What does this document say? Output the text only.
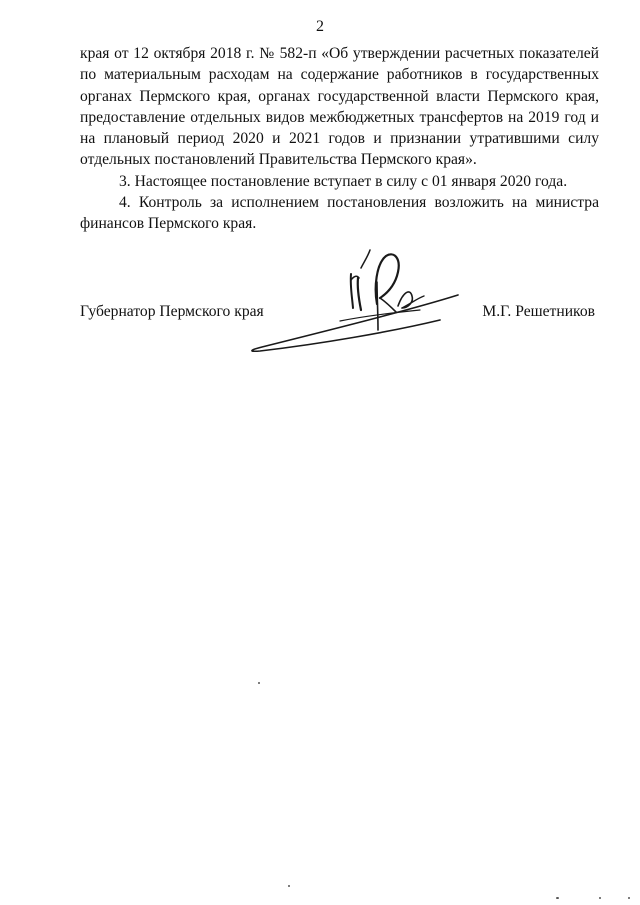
2

края от 12 октября 2018 г. № 582-п «Об утверждении расчетных показателей по материальным расходам на содержание работников в государственных органах Пермского края, органах государственной власти Пермского края, предоставление отдельных видов межбюджетных трансфертов на 2019 год и на плановый период 2020 и 2021 годов и признании утратившими силу отдельных постановлений Правительства Пермского края».

3. Настоящее постановление вступает в силу с 01 января 2020 года.

4. Контроль за исполнением постановления возложить на министра финансов Пермского края.

Губернатор Пермского края	М.Г. Решетников
